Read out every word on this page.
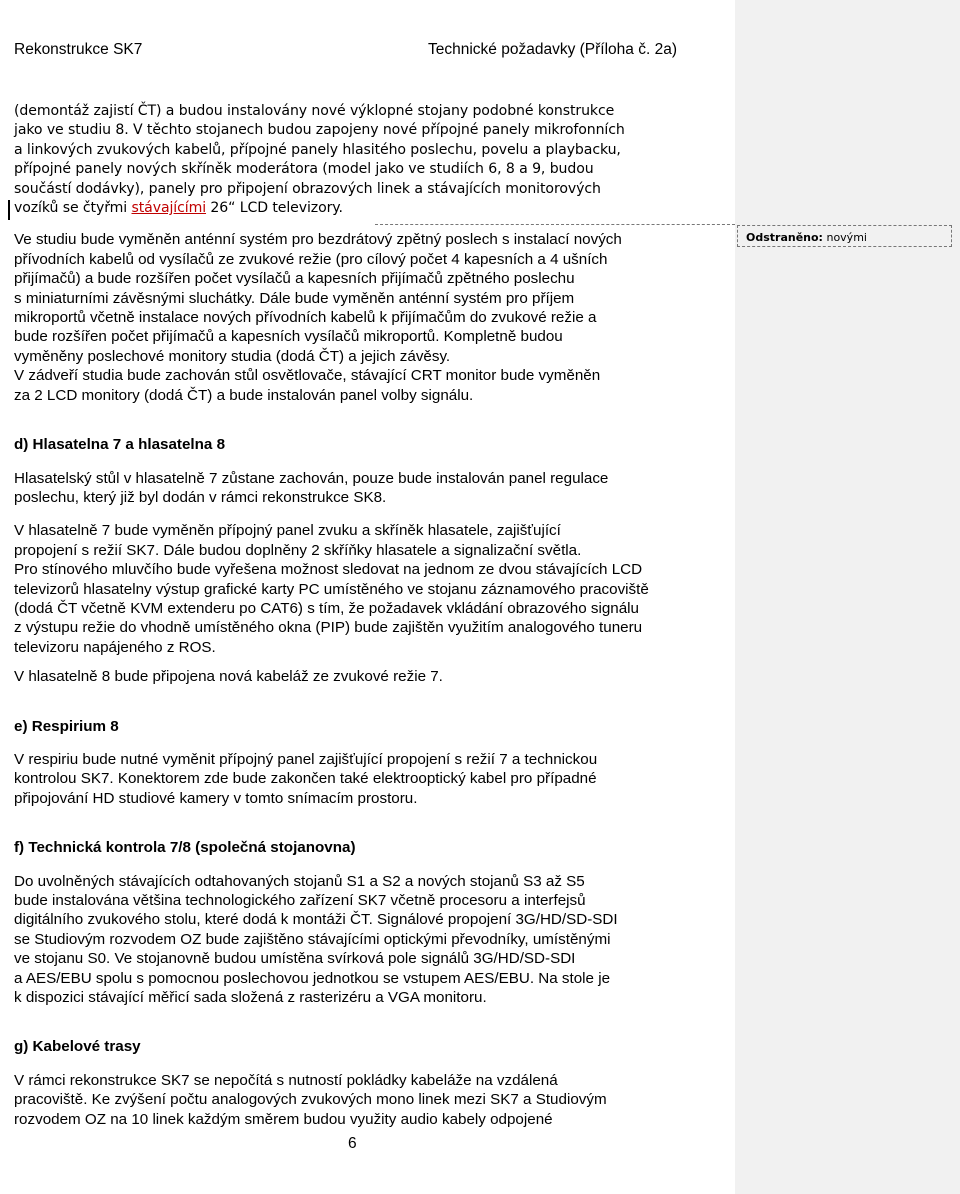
Rekonstrukce SK7	Technické požadavky (Příloha č. 2a)
Odstraněno: novými

(demontáž zajistí ČT) a budou instalovány nové výklopné stojany podobné konstrukce
jako ve studiu 8. V těchto stojanech budou zapojeny nové přípojné panely mikrofonních
a linkových zvukových kabelů, přípojné panely hlasitého poslechu, povelu a playbacku,
přípojné panely nových skříněk moderátora (model jako ve studiích 6, 8 a 9, budou
součástí dodávky), panely pro připojení obrazových linek a stávajících monitorových
vozíků se čtyřmi stávajícími 26“ LCD televizory.

Ve studiu bude vyměněn anténní systém pro bezdrátový zpětný poslech s instalací nových
přívodních kabelů od vysílačů ze zvukové režie (pro cílový počet 4 kapesních a 4 ušních
přijímačů) a bude rozšířen počet vysílačů a kapesních přijímačů zpětného poslechu
s miniaturními závěsnými sluchátky. Dále bude vyměněn anténní systém pro příjem
mikroportů včetně instalace nových přívodních kabelů k přijímačům do zvukové režie a
bude rozšířen počet přijímačů a kapesních vysílačů mikroportů. Kompletně budou
vyměněny poslechové monitory studia (dodá ČT) a jejich závěsy.
V zádveří studia bude zachován stůl osvětlovače, stávající CRT monitor bude vyměněn
za 2 LCD monitory (dodá ČT) a bude instalován panel volby signálu.

d) Hlasatelna 7 a hlasatelna 8

Hlasatelský stůl v hlasatelně 7 zůstane zachován, pouze bude instalován panel regulace
poslechu, který již byl dodán v rámci rekonstrukce SK8.

V hlasatelně 7 bude vyměněn přípojný panel zvuku a skříněk hlasatele, zajišťující
propojení s režií SK7. Dále budou doplněny 2 skříňky hlasatele a signalizační světla.
Pro stínového mluvčího bude vyřešena možnost sledovat na jednom ze dvou stávajících LCD
televizorů hlasatelny výstup grafické karty PC umístěného ve stojanu záznamového pracoviště
(dodá ČT včetně KVM extenderu po CAT6) s tím, že požadavek vkládání obrazového signálu
z výstupu režie do vhodně umístěného okna (PIP) bude zajištěn využitím analogového tuneru
televizoru napájeného z ROS.

V hlasatelně 8 bude připojena nová kabeláž ze zvukové režie 7.

e) Respirium 8

V respiriu bude nutné vyměnit přípojný panel zajišťující propojení s režií 7 a technickou
kontrolou SK7. Konektorem zde bude zakončen také elektrooptický kabel pro případné
připojování HD studiové kamery v tomto snímacím prostoru.

f) Technická kontrola 7/8 (společná stojanovna)

Do uvolněných stávajících odtahovaných stojanů S1 a S2 a nových stojanů S3 až S5
bude instalována většina technologického zařízení SK7 včetně procesoru a interfejsů
digitálního zvukového stolu, které dodá k montáži ČT. Signálové propojení 3G/HD/SD-SDI
se Studiovým rozvodem OZ bude zajištěno stávajícími optickými převodníky, umístěnými
ve stojanu S0. Ve stojanovně budou umístěna svírková pole signálů 3G/HD/SD-SDI
a AES/EBU spolu s pomocnou poslechovou jednotkou se vstupem AES/EBU. Na stole je
k dispozici stávající měřicí sada složená z rasterizéru a VGA monitoru.

g) Kabelové trasy

V rámci rekonstrukce SK7 se nepočítá s nutností pokládky kabeláže na vzdálená
pracoviště. Ke zvýšení počtu analogových zvukových mono linek mezi SK7 a Studiovým
rozvodem OZ na 10 linek každým směrem budou využity audio kabely odpojené

6
